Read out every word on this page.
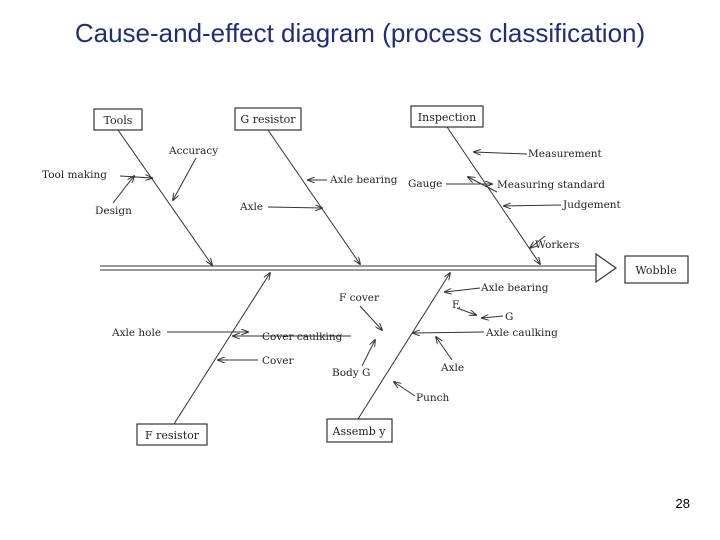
Cause-and-effect diagram (process classification)
Wobble
Tools	G resistor	Inspection
F resistor	Assemb y
Accuracy
Tool making
Design
Axle bearing
Axle
Measurement
Gauge	Measuring standard
Judgement
Workers
Axle bearing
F.
G
Axle caulking
Axle
Punch
F cover
Axle hole	Cover caulking
Cover
Body G
28
